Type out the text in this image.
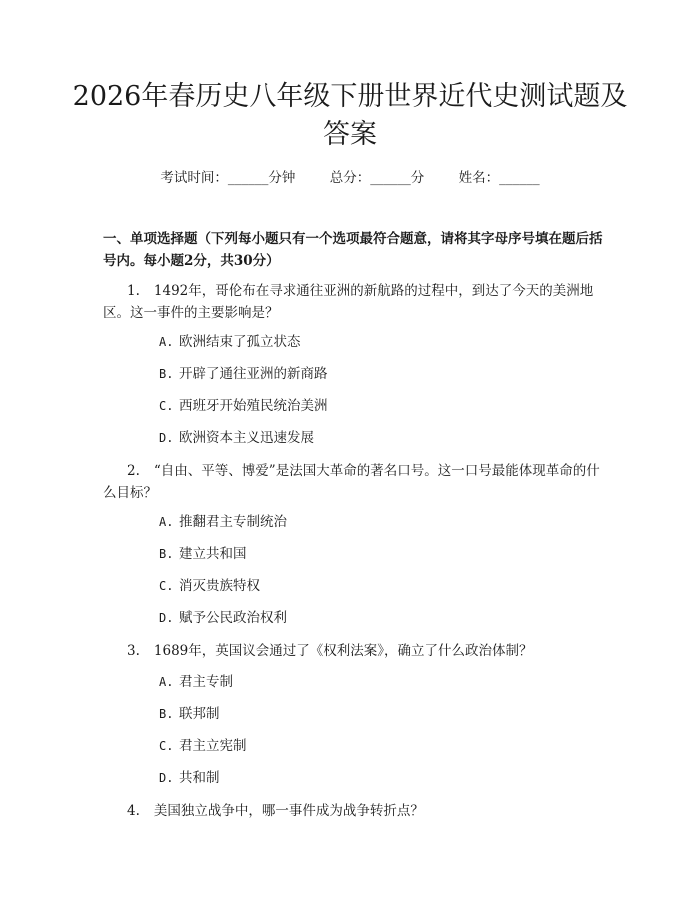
2026年春历史八年级下册世界近代史测试题及答案
考试时间：______分钟        总分：______分        姓名：______
一、单项选择题（下列每小题只有一个选项最符合题意，请将其字母序号填在题后括号内。每小题2分，共30分）
1. 1492年，哥伦布在寻求通往亚洲的新航路的过程中，到达了今天的美洲地区。这一事件的主要影响是？
A. 欧洲结束了孤立状态
B. 开辟了通往亚洲的新商路
C. 西班牙开始殖民统治美洲
D. 欧洲资本主义迅速发展
2. “自由、平等、博爱”是法国大革命的著名口号。这一口号最能体现革命的什么目标？
A. 推翻君主专制统治
B. 建立共和国
C. 消灭贵族特权
D. 赋予公民政治权利
3. 1689年，英国议会通过了《权利法案》，确立了什么政治体制？
A. 君主专制
B. 联邦制
C. 君主立宪制
D. 共和制
4. 美国独立战争中，哪一事件成为战争转折点？
